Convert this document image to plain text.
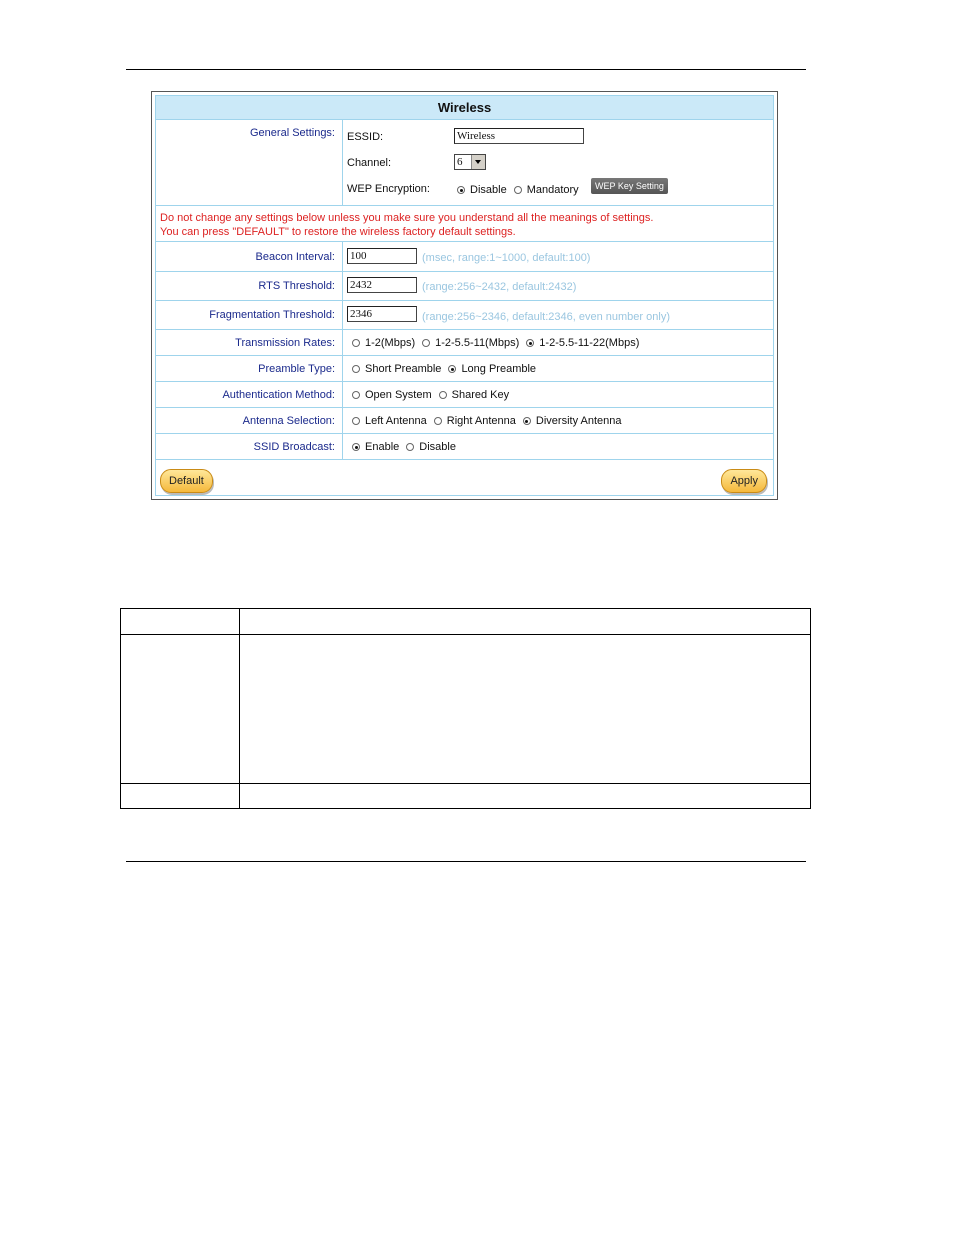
Wireless
General Settings:	ESSID:	Wireless
Channel:	6
WEP Encryption:	Disable Mandatory	WEP Key Setting
Do not change any settings below unless you make sure you understand all the meanings of settings.
You can press "DEFAULT" to restore the wireless factory default settings.
Beacon Interval:	100	(msec, range:1~1000, default:100)
RTS Threshold:	2432	(range:256~2432, default:2432)
Fragmentation Threshold:	2346	(range:256~2346, default:2346, even number only)
Transmission Rates:	1-2(Mbps) 1-2-5.5-11(Mbps) 1-2-5.5-11-22(Mbps)
Preamble Type:	Short Preamble Long Preamble
Authentication Method:	Open System Shared Key
Antenna Selection:	Left Antenna Right Antenna Diversity Antenna
SSID Broadcast:	Enable Disable
Default	Apply
